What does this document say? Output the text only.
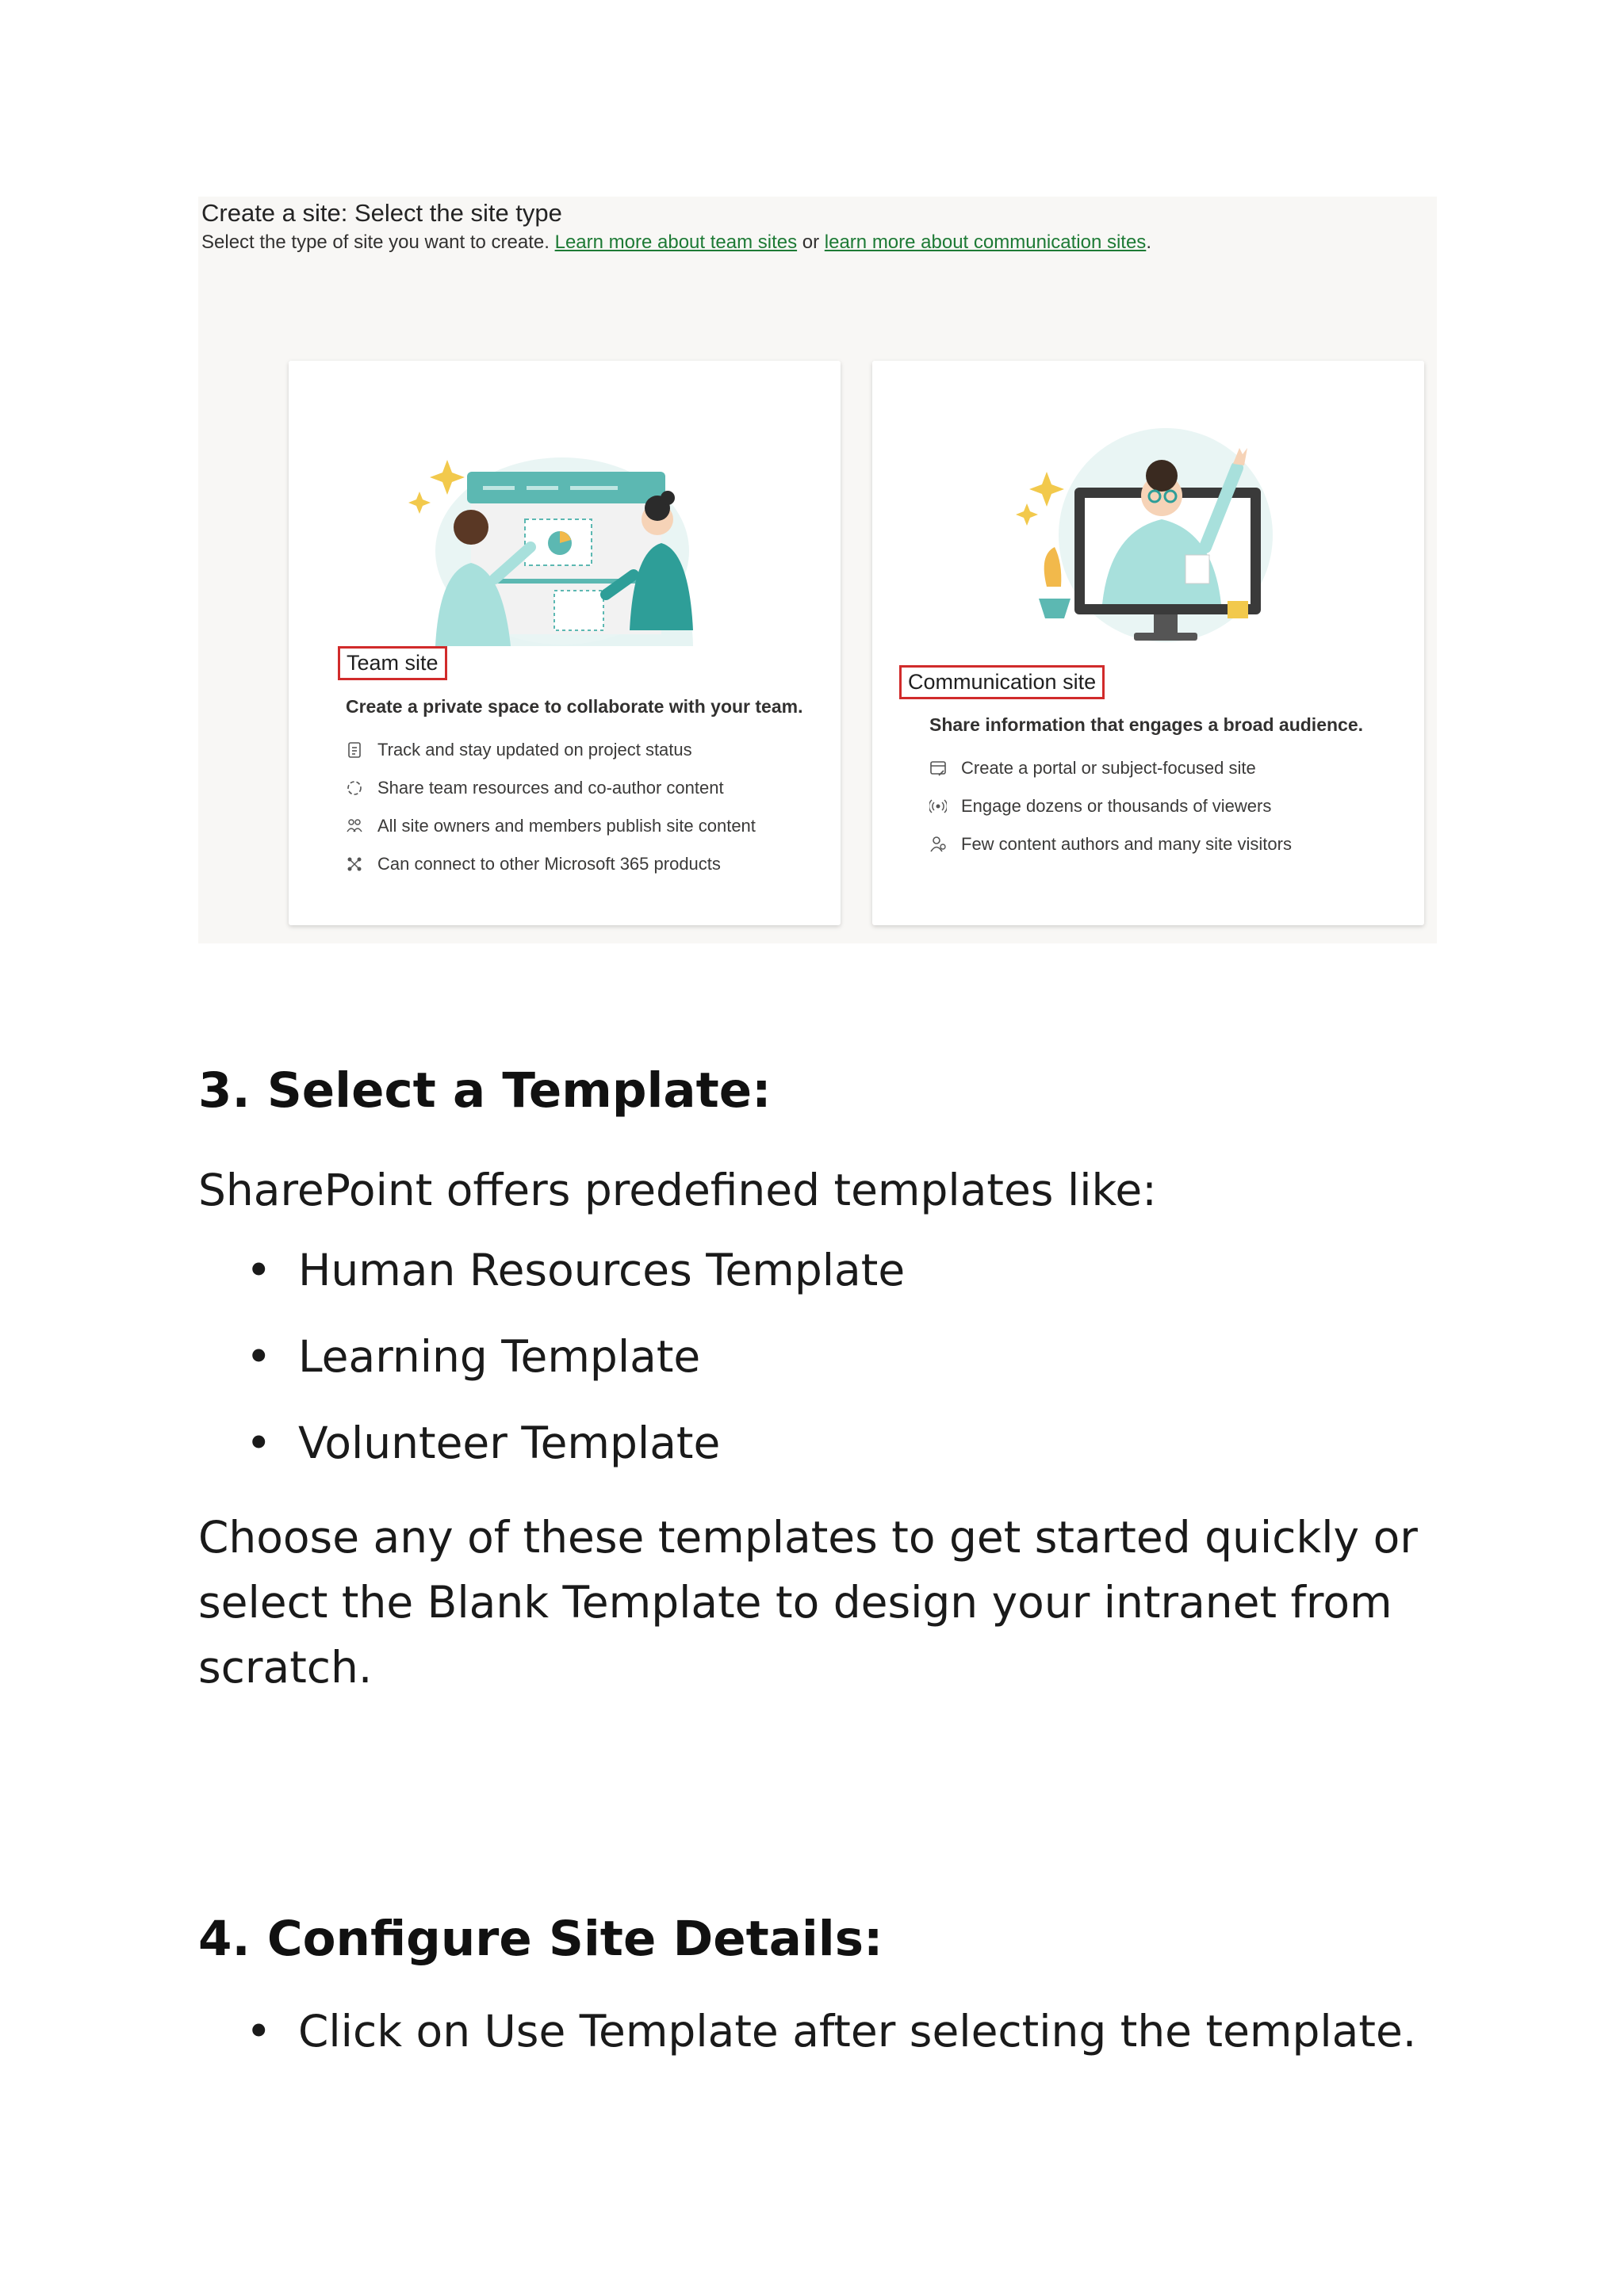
Create a site: Select the site type
Select the type of site you want to create. Learn more about team sites or learn more about communication sites.
Team site
Create a private space to collaborate with your team.
Track and stay updated on project status
Share team resources and co-author content
All site owners and members publish site content
Can connect to other Microsoft 365 products
Communication site
Share information that engages a broad audience.
Create a portal or subject-focused site
Engage dozens or thousands of viewers
Few content authors and many site visitors
3. Select a Template:

SharePoint offers predefined templates like:

• Human Resources Template
• Learning Template
• Volunteer Template

Choose any of these templates to get started quickly or select the Blank Template to design your intranet from scratch.

4. Configure Site Details:
• Click on Use Template after selecting the template.
